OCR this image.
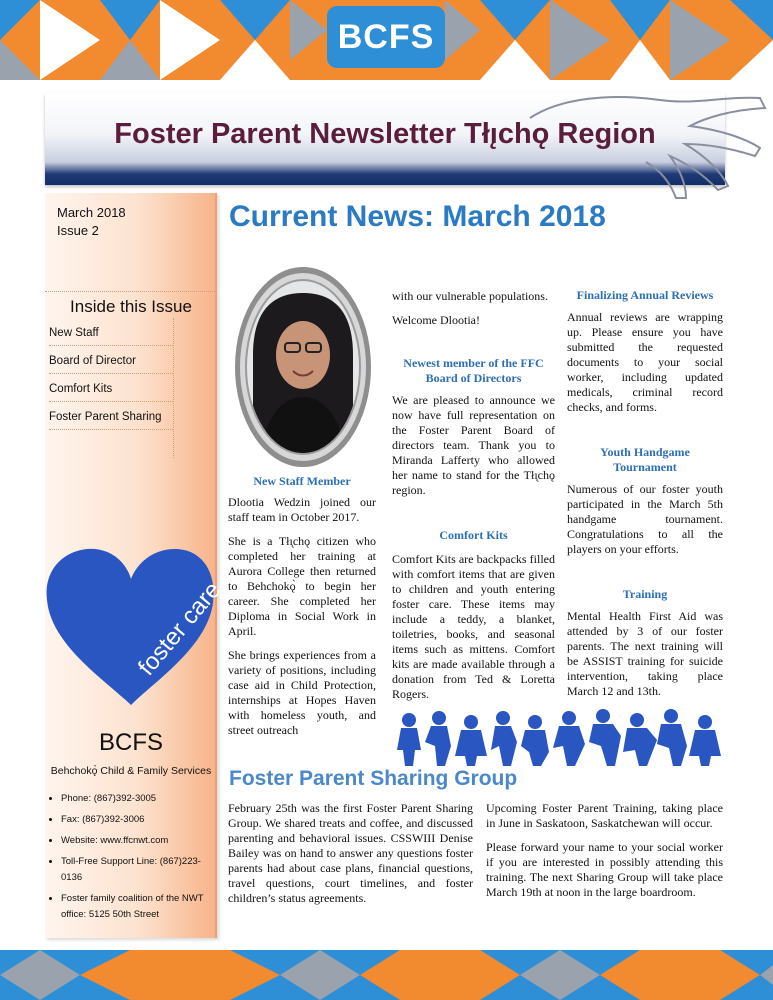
BCFS
Foster Parent Newsletter Tłı̨chǫ Region
March 2018
Issue 2
Inside this Issue
New Staff
Board of Director
Comfort Kits
Foster Parent Sharing
foster care
BCFS
Behchokǫ̀ Child & Family Services
• Phone: (867)392-3005
• Fax: (867)392-3006
• Website: www.ffcnwt.com
• Toll-Free Support Line: (867)223-0136
• Foster family coalition of the NWT office: 5125 50th Street
Current News: March 2018
New Staff Member

Dlootia Wedzin joined our staff team in October 2017.

She is a Tłı̨chǫ citizen who completed her training at Aurora College then returned to Behchokǫ̀ to begin her career. She completed her Diploma in Social Work in April.

She brings experiences from a variety of positions, including case aid in Child Protection, internships at Hopes Haven with homeless youth, and street outreach

with our vulnerable populations.

Welcome Dlootia!

Newest member of the FFC Board of Directors

We are pleased to announce we now have full representation on the Foster Parent Board of directors team. Thank you to Miranda Lafferty who allowed her name to stand for the Tłı̨chǫ region.

Comfort Kits

Comfort Kits are backpacks filled with comfort items that are given to children and youth entering foster care. These items may include a teddy, a blanket, toiletries, books, and seasonal items such as mittens. Comfort kits are made available through a donation from Ted & Loretta Rogers.

Finalizing Annual Reviews

Annual reviews are wrapping up. Please ensure you have submitted the requested documents to your social worker, including updated medicals, criminal record checks, and forms.

Youth Handgame Tournament

Numerous of our foster youth participated in the March 5th handgame tournament. Congratulations to all the players on your efforts.

Training

Mental Health First Aid was attended by 3 of our foster parents. The next training will be ASSIST training for suicide intervention, taking place March 12 and 13th.

Foster Parent Sharing Group

February 25th was the first Foster Parent Sharing Group. We shared treats and coffee, and discussed parenting and behavioral issues. CSSWIII Denise Bailey was on hand to answer any questions foster parents had about case plans, financial questions, travel questions, court timelines, and foster children’s status agreements.

Upcoming Foster Parent Training, taking place in June in Saskatoon, Saskatchewan will occur.

Please forward your name to your social worker if you are interested in possibly attending this training. The next Sharing Group will take place March 19th at noon in the large boardroom.
